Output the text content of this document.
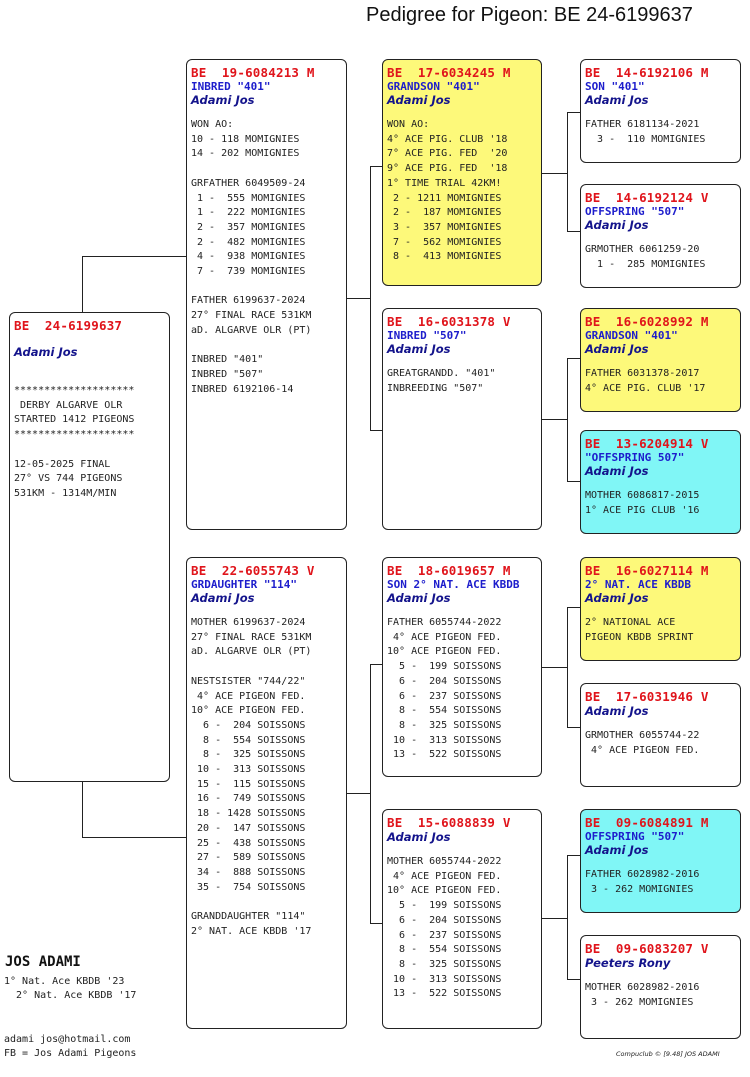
Pedigree for Pigeon: BE 24-6199637
BE  24-6199637
Adami Jos
********************
DERBY ALGARVE OLR
STARTED 1412 PIGEONS
********************

12-05-2025 FINAL
27° VS 744 PIGEONS
531KM - 1314M/MIN
BE  19-6084213 M
INBRED "401"
Adami Jos
WON AO:
10 - 118 MOMIGNIES
14 - 202 MOMIGNIES

GRFATHER 6049509-24
1 -  555 MOMIGNIES
1 -  222 MOMIGNIES
2 -  357 MOMIGNIES
2 -  482 MOMIGNIES
4 -  938 MOMIGNIES
7 -  739 MOMIGNIES

FATHER 6199637-2024
27° FINAL RACE 531KM
aD. ALGARVE OLR (PT)

INBRED "401"
INBRED "507"
INBRED 6192106-14
BE  22-6055743 V
GRDAUGHTER "114"
Adami Jos
MOTHER 6199637-2024
27° FINAL RACE 531KM
aD. ALGARVE OLR (PT)

NESTSISTER "744/22"
4° ACE PIGEON FED.
10° ACE PIGEON FED.
6 -  204 SOISSONS
8 -  554 SOISSONS
8 -  325 SOISSONS
10 -  313 SOISSONS
15 -  115 SOISSONS
16 -  749 SOISSONS
18 - 1428 SOISSONS
20 -  147 SOISSONS
25 -  438 SOISSONS
27 -  589 SOISSONS
34 -  888 SOISSONS
35 -  754 SOISSONS

GRANDDAUGHTER "114"
2° NAT. ACE KBDB '17
BE  17-6034245 M
GRANDSON "401"
Adami Jos
WON AO:
4° ACE PIG. CLUB '18
7° ACE PIG. FED  '20
9° ACE PIG. FED  '18
1° TIME TRIAL 42KM!
2 - 1211 MOMIGNIES
2 -  187 MOMIGNIES
3 -  357 MOMIGNIES
7 -  562 MOMIGNIES
8 -  413 MOMIGNIES
BE  16-6031378 V
INBRED "507"
Adami Jos
GREATGRANDD. "401"
INBREEDING "507"
BE  18-6019657 M
SON 2° NAT. ACE KBDB
Adami Jos
FATHER 6055744-2022
4° ACE PIGEON FED.
10° ACE PIGEON FED.
5 -  199 SOISSONS
6 -  204 SOISSONS
6 -  237 SOISSONS
8 -  554 SOISSONS
8 -  325 SOISSONS
10 -  313 SOISSONS
13 -  522 SOISSONS
BE  15-6088839 V
Adami Jos
MOTHER 6055744-2022
4° ACE PIGEON FED.
10° ACE PIGEON FED.
5 -  199 SOISSONS
6 -  204 SOISSONS
6 -  237 SOISSONS
8 -  554 SOISSONS
8 -  325 SOISSONS
10 -  313 SOISSONS
13 -  522 SOISSONS
BE  14-6192106 M
SON "401"
Adami Jos
FATHER 6181134-2021
3 -  110 MOMIGNIES
BE  14-6192124 V
OFFSPRING "507"
Adami Jos
GRMOTHER 6061259-20
1 -  285 MOMIGNIES
BE  16-6028992 M
GRANDSON "401"
Adami Jos
FATHER 6031378-2017
4° ACE PIG. CLUB '17
BE  13-6204914 V
"OFFSPRING 507"
Adami Jos
MOTHER 6086817-2015
1° ACE PIG CLUB '16
BE  16-6027114 M
2° NAT. ACE KBDB
Adami Jos
2° NATIONAL ACE
PIGEON KBDB SPRINT
BE  17-6031946 V
Adami Jos
GRMOTHER 6055744-22
4° ACE PIGEON FED.
BE  09-6084891 M
OFFSPRING "507"
Adami Jos
FATHER 6028982-2016
3 - 262 MOMIGNIES
BE  09-6083207 V
Peeters Rony
MOTHER 6028982-2016
3 - 262 MOMIGNIES
JOS ADAMI
1° Nat. Ace KBDB '23
2° Nat. Ace KBDB '17
adami jos@hotmail.com
FB = Jos Adami Pigeons	Compuclub © [9.48] JOS ADAMI
